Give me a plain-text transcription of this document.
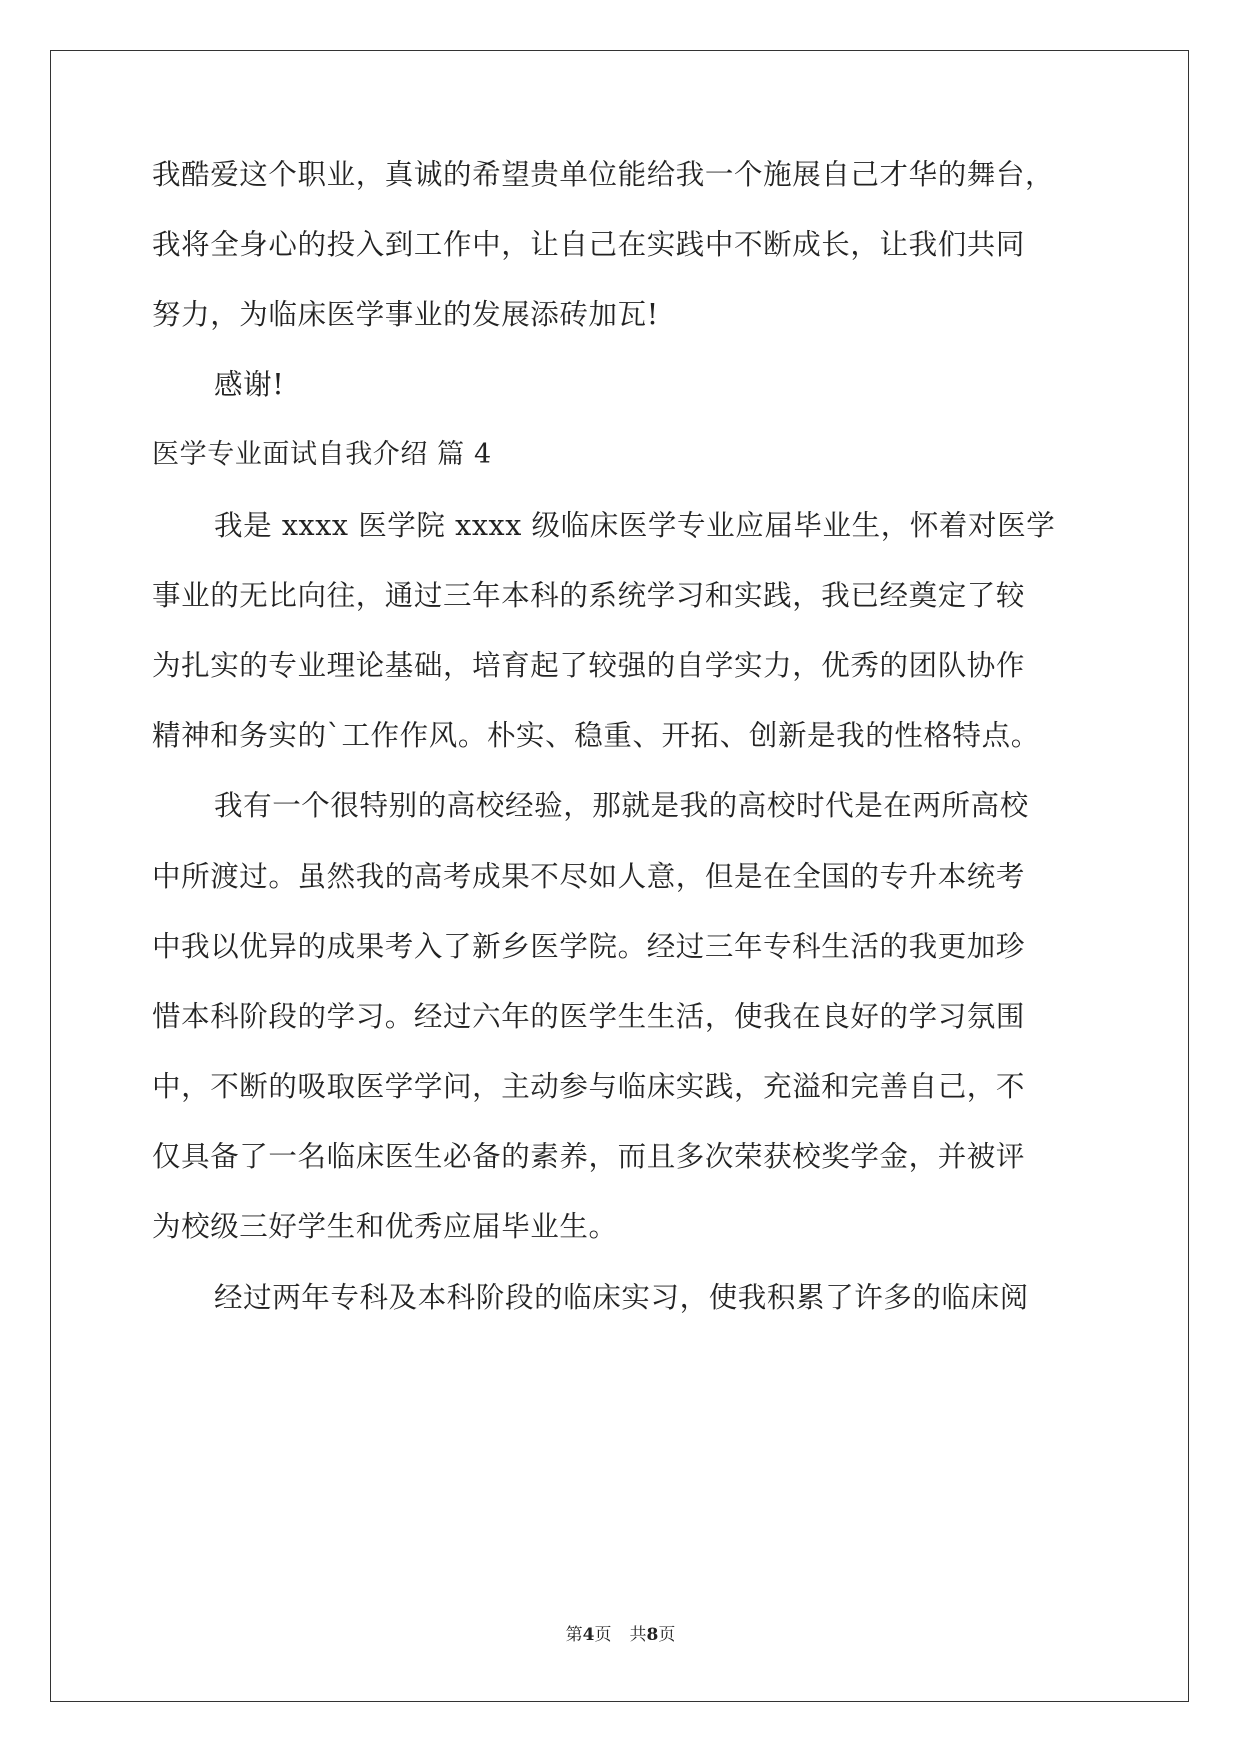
我酷爱这个职业，真诚的希望贵单位能给我一个施展自己才华的舞台，
我将全身心的投入到工作中，让自己在实践中不断成长，让我们共同
努力，为临床医学事业的发展添砖加瓦!
感谢!
医学专业面试自我介绍 篇 4
我是 xxxx 医学院 xxxx 级临床医学专业应届毕业生，怀着对医学
事业的无比向往，通过三年本科的系统学习和实践，我已经奠定了较
为扎实的专业理论基础，培育起了较强的自学实力，优秀的团队协作
精神和务实的`工作作风。朴实、稳重、开拓、创新是我的性格特点。
我有一个很特别的高校经验，那就是我的高校时代是在两所高校
中所渡过。虽然我的高考成果不尽如人意，但是在全国的专升本统考
中我以优异的成果考入了新乡医学院。经过三年专科生活的我更加珍
惜本科阶段的学习。经过六年的医学生生活，使我在良好的学习氛围
中，不断的吸取医学学问，主动参与临床实践，充溢和完善自己，不
仅具备了一名临床医生必备的素养，而且多次荣获校奖学金，并被评
为校级三好学生和优秀应届毕业生。
经过两年专科及本科阶段的临床实习，使我积累了许多的临床阅
第4页 共8页
